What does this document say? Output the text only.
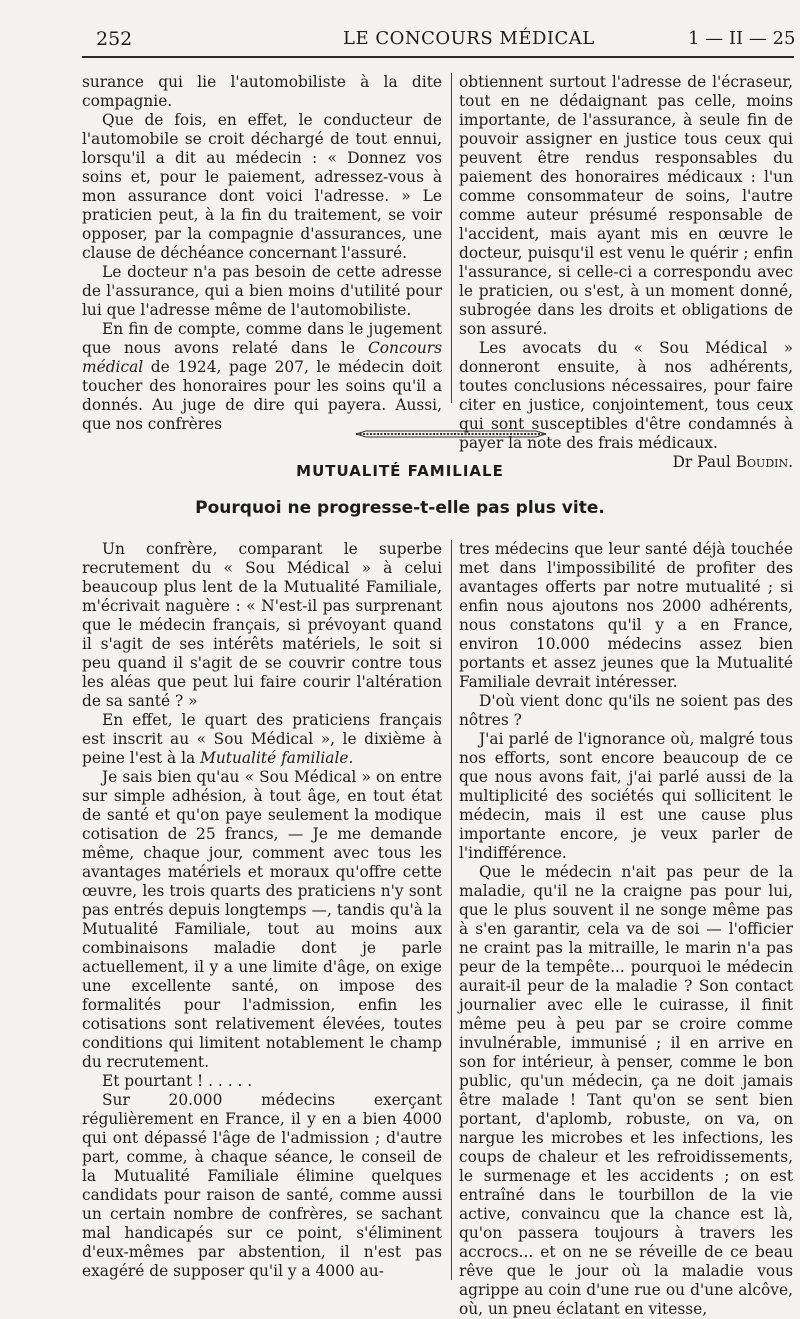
252	LE CONCOURS MÉDICAL	1 — II — 25

surance qui lie l'automobiliste à la dite compagnie.

Que de fois, en effet, le conducteur de l'automobile se croit déchargé de tout ennui, lorsqu'il a dit au médecin : « Donnez vos soins et, pour le paiement, adressez-vous à mon assurance dont voici l'adresse. » Le praticien peut, à la fin du traitement, se voir opposer, par la compagnie d'assurances, une clause de déchéance concernant l'assuré.

Le docteur n'a pas besoin de cette adresse de l'assurance, qui a bien moins d'utilité pour lui que l'adresse même de l'automobiliste.

En fin de compte, comme dans le jugement que nous avons relaté dans le Concours médical de 1924, page 207, le médecin doit toucher des honoraires pour les soins qu'il a donnés. Au juge de dire qui payera. Aussi, que nos confrères

obtiennent surtout l'adresse de l'écraseur, tout en ne dédaignant pas celle, moins importante, de l'assurance, à seule fin de pouvoir assigner en justice tous ceux qui peuvent être rendus responsables du paiement des honoraires médicaux : l'un comme consommateur de soins, l'autre comme auteur présumé responsable de l'accident, mais ayant mis en œuvre le docteur, puisqu'il est venu le quérir ; enfin l'assurance, si celle-ci a correspondu avec le praticien, ou s'est, à un moment donné, subrogée dans les droits et obligations de son assuré.

Les avocats du « Sou Médical » donneront ensuite, à nos adhérents, toutes conclusions nécessaires, pour faire citer en justice, conjointement, tous ceux qui sont susceptibles d'être condamnés à payer la note des frais médicaux.

Dr Paul Boudin.

MUTUALITÉ FAMILIALE
Pourquoi ne progresse-t-elle pas plus vite.

Un confrère, comparant le superbe recrutement du « Sou Médical » à celui beaucoup plus lent de la Mutualité Familiale, m'écrivait naguère : « N'est-il pas surprenant que le médecin français, si prévoyant quand il s'agit de ses intérêts matériels, le soit si peu quand il s'agit de se couvrir contre tous les aléas que peut lui faire courir l'altération de sa santé ? »

En effet, le quart des praticiens français est inscrit au « Sou Médical », le dixième à peine l'est à la Mutualité familiale.

Je sais bien qu'au « Sou Médical » on entre sur simple adhésion, à tout âge, en tout état de santé et qu'on paye seulement la modique cotisation de 25 francs, — Je me demande même, chaque jour, comment avec tous les avantages matériels et moraux qu'offre cette œuvre, les trois quarts des praticiens n'y sont pas entrés depuis longtemps —, tandis qu'à la Mutualité Familiale, tout au moins aux combinaisons maladie dont je parle actuellement, il y a une limite d'âge, on exige une excellente santé, on impose des formalités pour l'admission, enfin les cotisations sont relativement élevées, toutes conditions qui limitent notablement le champ du recrutement.

Et pourtant ! . . . . .

Sur 20.000 médecins exerçant régulièrement en France, il y en a bien 4000 qui ont dépassé l'âge de l'admission ; d'autre part, comme, à chaque séance, le conseil de la Mutualité Familiale élimine quelques candidats pour raison de santé, comme aussi un certain nombre de confrères, se sachant mal handicapés sur ce point, s'éliminent d'eux-mêmes par abstention, il n'est pas exagéré de supposer qu'il y a 4000 au-

tres médecins que leur santé déjà touchée met dans l'impossibilité de profiter des avantages offerts par notre mutualité ; si enfin nous ajoutons nos 2000 adhérents, nous constatons qu'il y a en France, environ 10.000 médecins assez bien portants et assez jeunes que la Mutualité Familiale devrait intéresser.

D'où vient donc qu'ils ne soient pas des nôtres ?

J'ai parlé de l'ignorance où, malgré tous nos efforts, sont encore beaucoup de ce que nous avons fait, j'ai parlé aussi de la multiplicité des sociétés qui sollicitent le médecin, mais il est une cause plus importante encore, je veux parler de l'indifférence.

Que le médecin n'ait pas peur de la maladie, qu'il ne la craigne pas pour lui, que le plus souvent il ne songe même pas à s'en garantir, cela va de soi — l'officier ne craint pas la mitraille, le marin n'a pas peur de la tempête... pourquoi le médecin aurait-il peur de la maladie ? Son contact journalier avec elle le cuirasse, il finit même peu à peu par se croire comme invulnérable, immunisé ; il en arrive en son for intérieur, à penser, comme le bon public, qu'un médecin, ça ne doit jamais être malade ! Tant qu'on se sent bien portant, d'aplomb, robuste, on va, on nargue les microbes et les infections, les coups de chaleur et les refroidissements, le surmenage et les accidents ; on est entraîné dans le tourbillon de la vie active, convaincu que la chance est là, qu'on passera toujours à travers les accrocs... et on ne se réveille de ce beau rêve que le jour où la maladie vous agrippe au coin d'une rue ou d'une alcôve, où, un pneu éclatant en vitesse,
